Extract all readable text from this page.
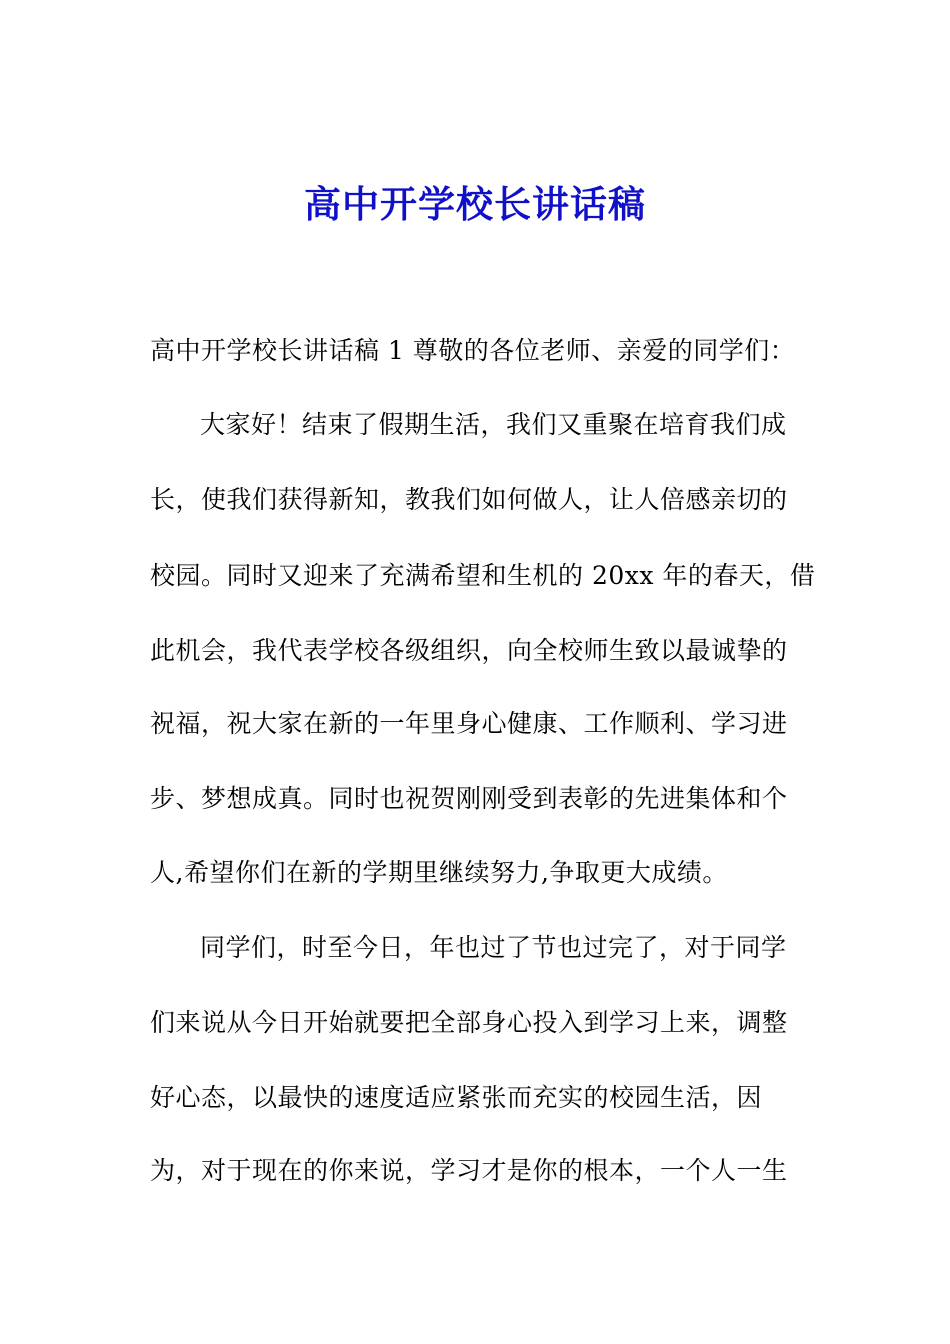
高中开学校长讲话稿
高中开学校长讲话稿 1 尊敬的各位老师、亲爱的同学们：
大家好！结束了假期生活，我们又重聚在培育我们成
长，使我们获得新知，教我们如何做人，让人倍感亲切的
校园。同时又迎来了充满希望和生机的 20xx 年的春天，借
此机会，我代表学校各级组织，向全校师生致以最诚挚的
祝福，祝大家在新的一年里身心健康、工作顺利、学习进
步、梦想成真。同时也祝贺刚刚受到表彰的先进集体和个
人,希望你们在新的学期里继续努力,争取更大成绩。
同学们，时至今日，年也过了节也过完了，对于同学
们来说从今日开始就要把全部身心投入到学习上来，调整
好心态，以最快的速度适应紧张而充实的校园生活，因
为，对于现在的你来说，学习才是你的根本，一个人一生
